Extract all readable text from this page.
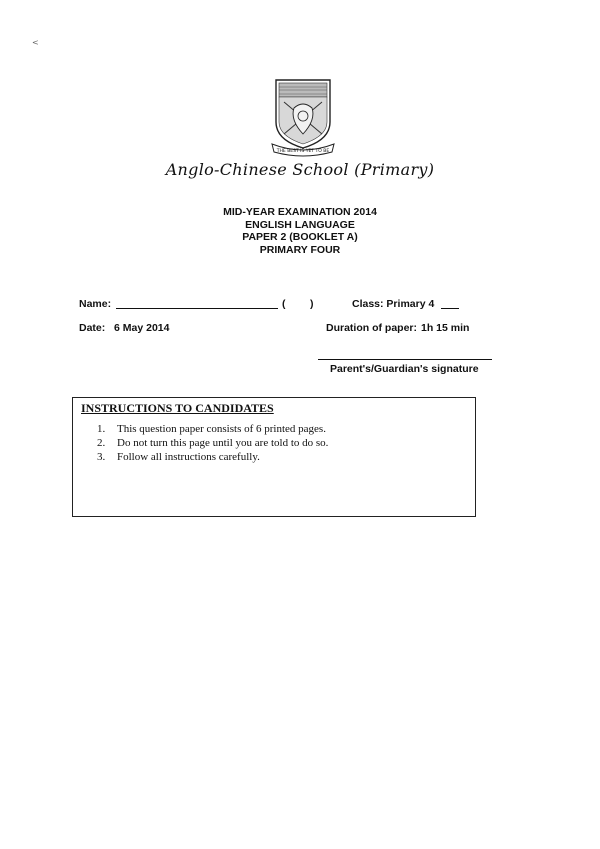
<
THE BEST IS YET TO BE
Anglo-Chinese School (Primary)
MID-YEAR EXAMINATION 2014
ENGLISH LANGUAGE
PAPER 2 (BOOKLET A)
PRIMARY FOUR
Name:	( )	Class: Primary 4
Date: 6 May 2014	Duration of paper: 1h 15 min
Parent's/Guardian's signature
INSTRUCTIONS TO CANDIDATES
1.	This question paper consists of 6 printed pages.
2.	Do not turn this page until you are told to do so.
3.	Follow all instructions carefully.
